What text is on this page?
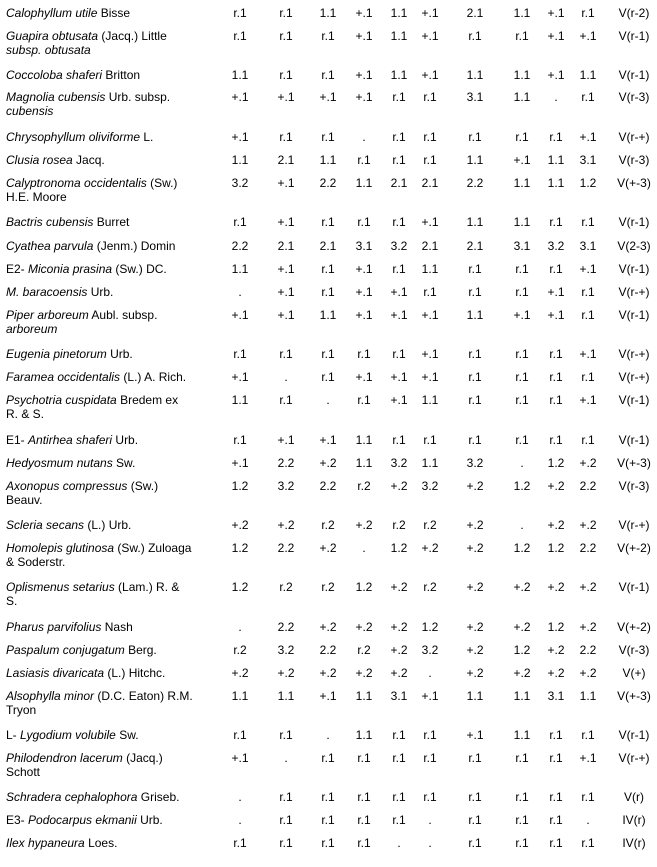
Calophyllum utile Bisse	r.1	r.1	1.1	+.1	1.1	+.1	2.1	1.1	+.1	r.1	V(r-2)
Guapira obtusata (Jacq.) Little
subsp. obtusata
r.1	r.1	r.1	+.1	1.1	+.1	r.1	r.1	+.1	+.1	V(r-1)
Coccoloba shaferi Britton	1.1	r.1	r.1	+.1	1.1	+.1	1.1	1.1	+.1	1.1	V(r-1)
Magnolia cubensis Urb. subsp.
cubensis
+.1	+.1	+.1	+.1	r.1	r.1	3.1	1.1	.	r.1	V(r-3)
Chrysophyllum oliviforme L.	+.1	r.1	r.1	.	r.1	r.1	r.1	r.1	r.1	+.1	V(r-+)
Clusia rosea Jacq.	1.1	2.1	1.1	r.1	r.1	r.1	1.1	+.1	1.1	3.1	V(r-3)
Calyptronoma occidentalis (Sw.)
H.E. Moore
3.2	+.1	2.2	1.1	2.1	2.1	2.2	1.1	1.1	1.2	V(+-3)
Bactris cubensis Burret	r.1	+.1	r.1	r.1	r.1	+.1	1.1	1.1	r.1	r.1	V(r-1)
Cyathea parvula (Jenm.) Domin	2.2	2.1	2.1	3.1	3.2	2.1	2.1	3.1	3.2	3.1	V(2-3)
E2- Miconia prasina (Sw.) DC.	1.1	+.1	r.1	+.1	r.1	1.1	r.1	r.1	r.1	+.1	V(r-1)
M. baracoensis Urb.	.	+.1	r.1	+.1	+.1	r.1	r.1	r.1	+.1	r.1	V(r-+)
Piper arboreum Aubl. subsp.
arboreum
+.1	+.1	1.1	+.1	+.1	+.1	1.1	+.1	+.1	r.1	V(r-1)
Eugenia pinetorum Urb.	r.1	r.1	r.1	r.1	r.1	+.1	r.1	r.1	r.1	+.1	V(r-+)
Faramea occidentalis (L.) A. Rich.	+.1	.	r.1	+.1	+.1	+.1	r.1	r.1	r.1	r.1	V(r-+)
Psychotria cuspidata Bredem ex
R. & S.
1.1	r.1	.	r.1	+.1	1.1	r.1	r.1	r.1	+.1	V(r-1)
E1- Antirhea shaferi Urb.	r.1	+.1	+.1	1.1	r.1	r.1	r.1	r.1	r.1	r.1	V(r-1)
Hedyosmum nutans Sw.	+.1	2.2	+.2	1.1	3.2	1.1	3.2	.	1.2	+.2	V(+-3)
Axonopus compressus (Sw.)
Beauv.
1.2	3.2	2.2	r.2	+.2	3.2	+.2	1.2	+.2	2.2	V(r-3)
Scleria secans (L.) Urb.	+.2	+.2	r.2	+.2	r.2	r.2	+.2	.	+.2	+.2	V(r-+)
Homolepis glutinosa (Sw.) Zuloaga
& Soderstr.
1.2	2.2	+.2	.	1.2	+.2	+.2	1.2	1.2	2.2	V(+-2)
Oplismenus setarius (Lam.) R. &
S.
1.2	r.2	r.2	1.2	+.2	r.2	+.2	+.2	+.2	+.2	V(r-1)
Pharus parvifolius Nash	.	2.2	+.2	+.2	+.2	1.2	+.2	+.2	1.2	+.2	V(+-2)
Paspalum conjugatum Berg.	r.2	3.2	2.2	r.2	+.2	3.2	+.2	1.2	+.2	2.2	V(r-3)
Lasiasis divaricata (L.) Hitchc.	+.2	+.2	+.2	+.2	+.2	.	+.2	+.2	+.2	+.2	V(+)
Alsophylla minor (D.C. Eaton) R.M.
Tryon
1.1	1.1	+.1	1.1	3.1	+.1	1.1	1.1	3.1	1.1	V(+-3)
L- Lygodium volubile Sw.	r.1	r.1	.	1.1	r.1	r.1	+.1	1.1	r.1	r.1	V(r-1)
Philodendron lacerum (Jacq.)
Schott
+.1	.	r.1	r.1	r.1	r.1	r.1	r.1	r.1	+.1	V(r-+)
Schradera cephalophora Griseb.	.	r.1	r.1	r.1	r.1	r.1	r.1	r.1	r.1	r.1	V(r)
E3- Podocarpus ekmanii Urb.	.	r.1	r.1	r.1	r.1	.	r.1	r.1	r.1	.	IV(r)
Ilex hypaneura Loes.	r.1	r.1	r.1	r.1	.	.	r.1	r.1	r.1	r.1	IV(r)
